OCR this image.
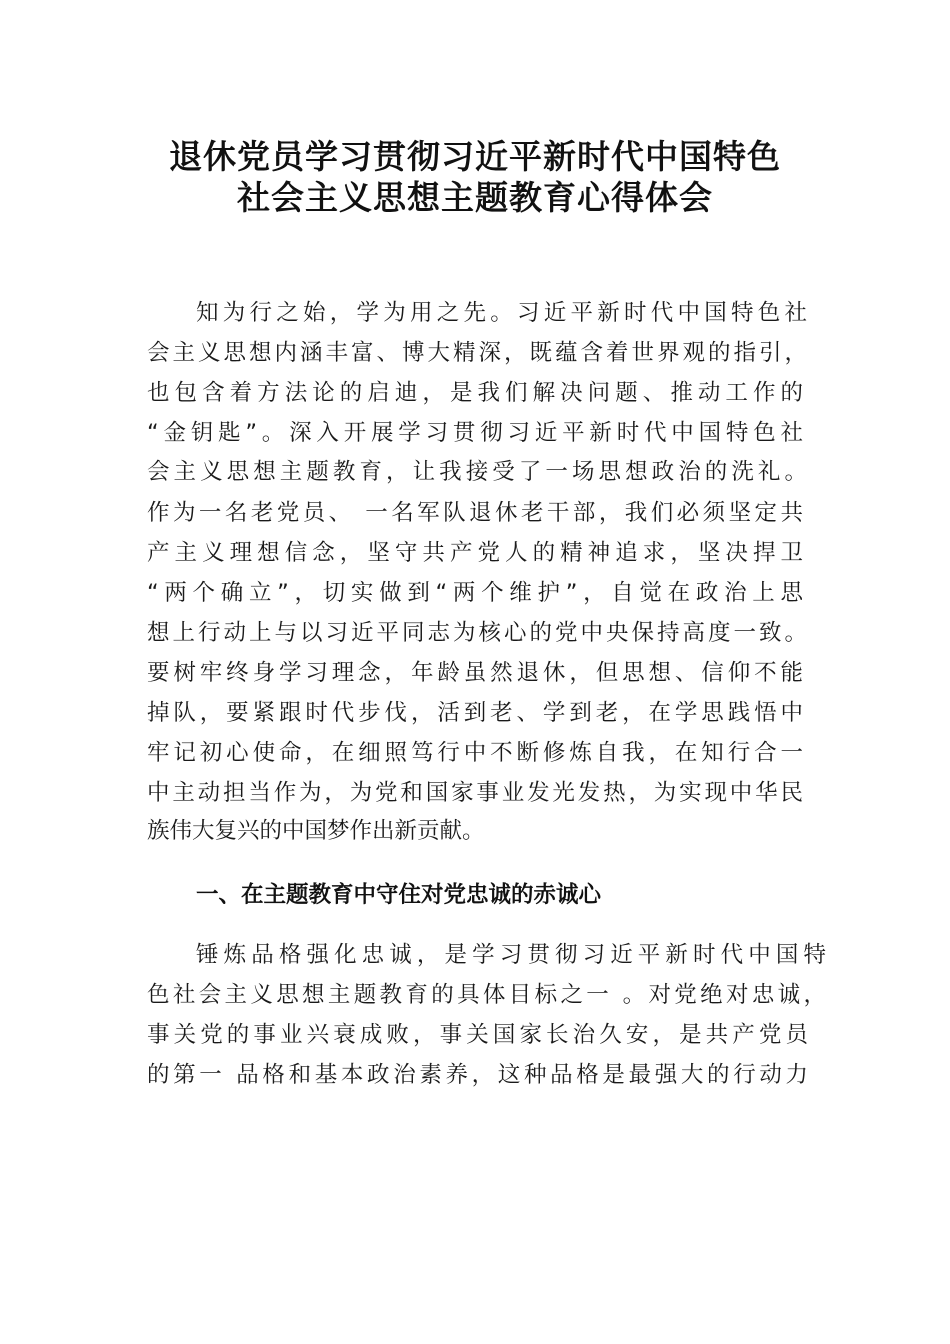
退休党员学习贯彻习近平新时代中国特色
社会主义思想主题教育心得体会
知为行之始，学为用之先。习近平新时代中国特色社
会主义思想内涵丰富、博大精深，既蕴含着世界观的指引，
也包含着方法论的启迪，是我们解决问题、推动工作的
“金钥匙”。深入开展学习贯彻习近平新时代中国特色社
会主义思想主题教育，让我接受了一场思想政治的洗礼。
作为一名老党员、 一名军队退休老干部，我们必须坚定共
产主义理想信念，坚守共产党人的精神追求，坚决捍卫
“两个确立”，切实做到“两个维护”，自觉在政治上思
想上行动上与以习近平同志为核心的党中央保持高度一致。
要树牢终身学习理念，年龄虽然退休，但思想、信仰不能
掉队，要紧跟时代步伐，活到老、学到老，在学思践悟中
牢记初心使命，在细照笃行中不断修炼自我，在知行合一
中主动担当作为，为党和国家事业发光发热，为实现中华民
族伟大复兴的中国梦作出新贡献。
一、在主题教育中守住对党忠诚的赤诚心
锤炼品格强化忠诚，是学习贯彻习近平新时代中国特
色社会主义思想主题教育的具体目标之一 。对党绝对忠诚，
事关党的事业兴衰成败，事关国家长治久安，是共产党员
的第一 品格和基本政治素养，这种品格是最强大的行动力
